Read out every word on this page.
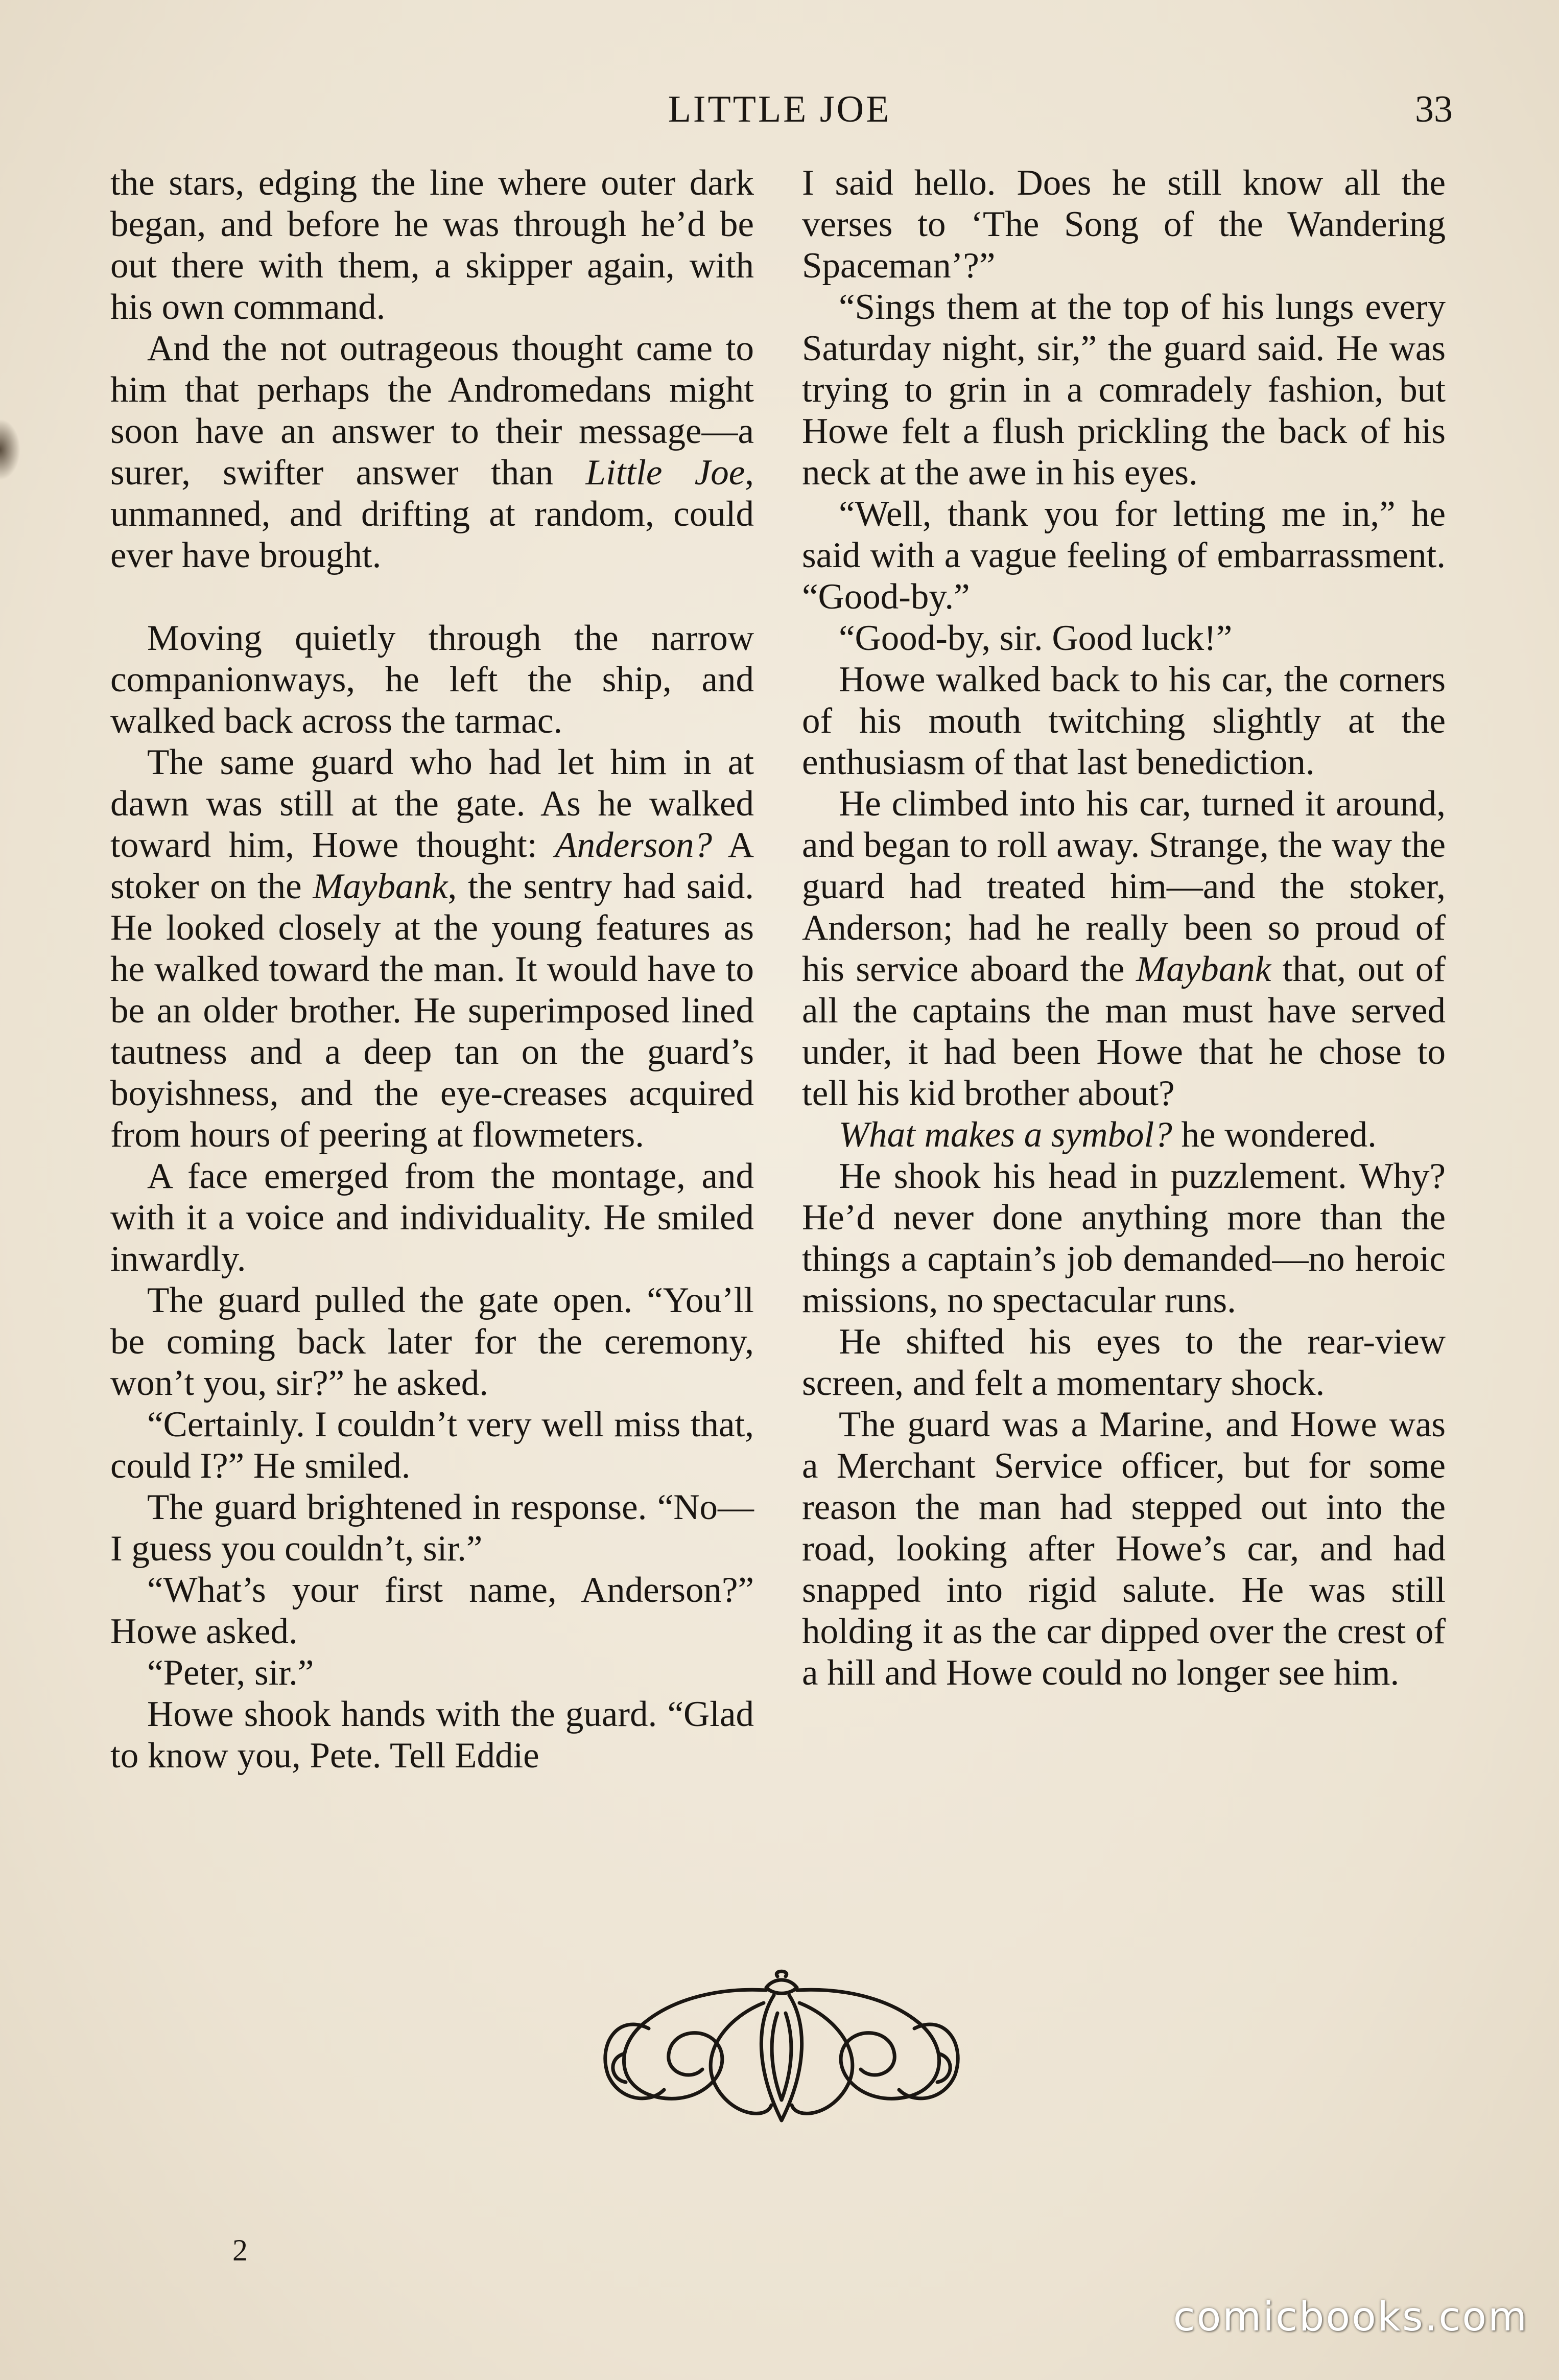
LITTLE JOE	33

the stars, edging the line where outer dark began, and before he was through he’d be out there with them, a skipper again, with his own command.

And the not outrageous thought came to him that perhaps the Andromedans might soon have an answer to their message—a surer, swifter answer than Little Joe, unmanned, and drifting at random, could ever have brought.

Moving quietly through the narrow companionways, he left the ship, and walked back across the tarmac.

The same guard who had let him in at dawn was still at the gate. As he walked toward him, Howe thought: Anderson? A stoker on the Maybank, the sentry had said. He looked closely at the young features as he walked toward the man. It would have to be an older brother. He superimposed lined tautness and a deep tan on the guard’s boyishness, and the eye-creases acquired from hours of peering at flowmeters.

A face emerged from the montage, and with it a voice and individuality. He smiled inwardly.

The guard pulled the gate open. “You’ll be coming back later for the ceremony, won’t you, sir?” he asked.

“Certainly. I couldn’t very well miss that, could I?” He smiled.

The guard brightened in response. “No—I guess you couldn’t, sir.”

“What’s your first name, Anderson?” Howe asked.

“Peter, sir.”

Howe shook hands with the guard. “Glad to know you, Pete. Tell Eddie

I said hello. Does he still know all the verses to ‘The Song of the Wandering Spaceman’?”

“Sings them at the top of his lungs every Saturday night, sir,” the guard said. He was trying to grin in a comradely fashion, but Howe felt a flush prickling the back of his neck at the awe in his eyes.

“Well, thank you for letting me in,” he said with a vague feeling of embarrassment. “Good-by.”

“Good-by, sir. Good luck!”

Howe walked back to his car, the corners of his mouth twitching slightly at the enthusiasm of that last benediction.

He climbed into his car, turned it around, and began to roll away. Strange, the way the guard had treated him—and the stoker, Anderson; had he really been so proud of his service aboard the Maybank that, out of all the captains the man must have served under, it had been Howe that he chose to tell his kid brother about?

What makes a symbol? he wondered.

He shook his head in puzzlement. Why? He’d never done anything more than the things a captain’s job demanded—no heroic missions, no spectacular runs.

He shifted his eyes to the rear-view screen, and felt a momentary shock.

The guard was a Marine, and Howe was a Merchant Service officer, but for some reason the man had stepped out into the road, looking after Howe’s car, and had snapped into rigid salute. He was still holding it as the car dipped over the crest of a hill and Howe could no longer see him.

2
comicbooks.com
